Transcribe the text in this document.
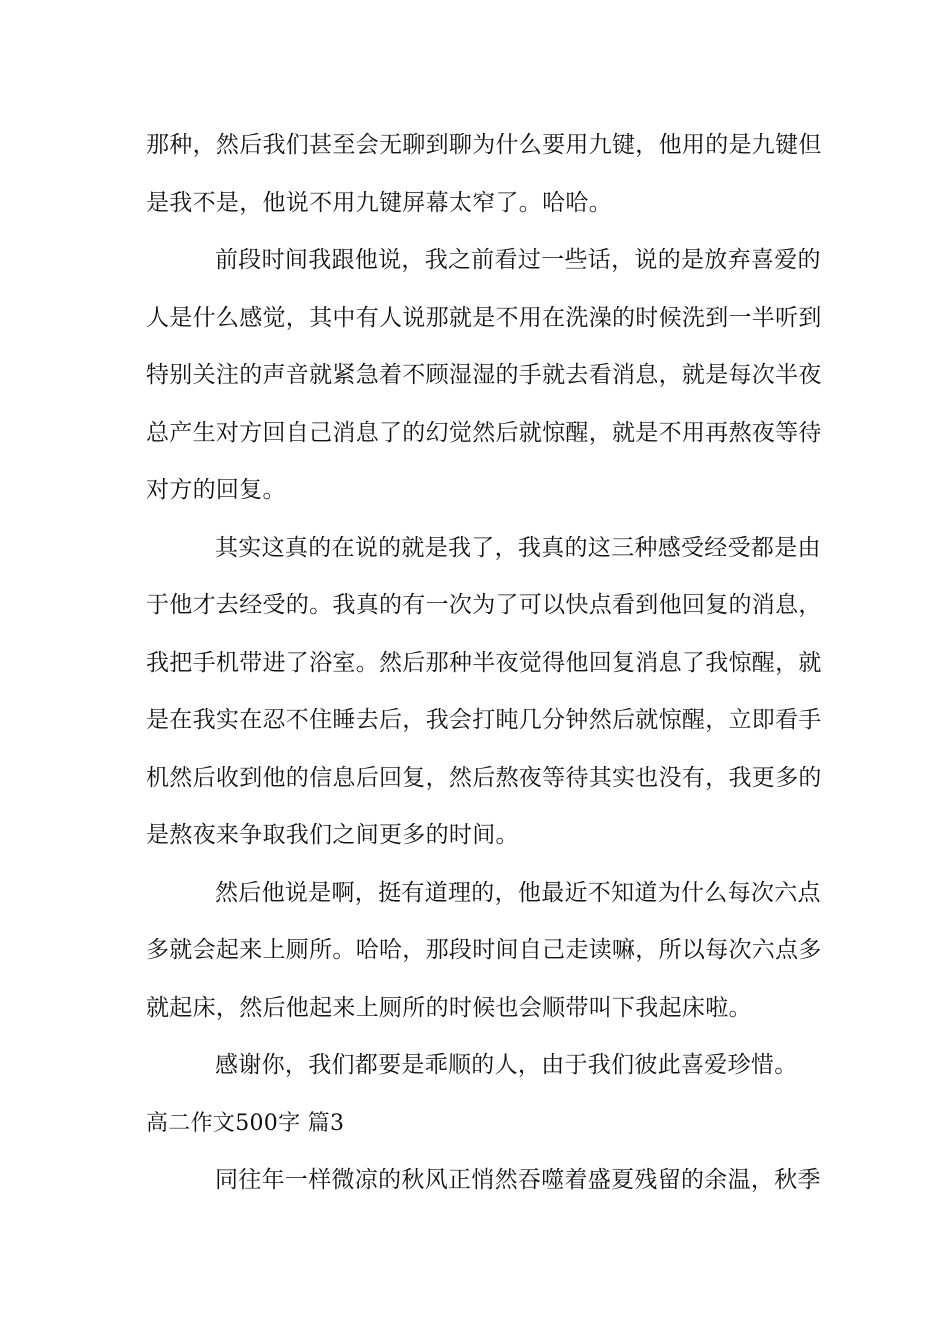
那种，然后我们甚至会无聊到聊为什么要用九键，他用的是九键但
是我不是，他说不用九键屏幕太窄了。哈哈。

前段时间我跟他说，我之前看过一些话，说的是放弃喜爱的
人是什么感觉，其中有人说那就是不用在洗澡的时候洗到一半听到
特别关注的声音就紧急着不顾湿湿的手就去看消息，就是每次半夜
总产生对方回自己消息了的幻觉然后就惊醒，就是不用再熬夜等待
对方的回复。

其实这真的在说的就是我了，我真的这三种感受经受都是由
于他才去经受的。我真的有一次为了可以快点看到他回复的消息，
我把手机带进了浴室。然后那种半夜觉得他回复消息了我惊醒，就
是在我实在忍不住睡去后，我会打盹几分钟然后就惊醒，立即看手
机然后收到他的信息后回复，然后熬夜等待其实也没有，我更多的
是熬夜来争取我们之间更多的时间。

然后他说是啊，挺有道理的，他最近不知道为什么每次六点
多就会起来上厕所。哈哈，那段时间自己走读嘛，所以每次六点多
就起床，然后他起来上厕所的时候也会顺带叫下我起床啦。

感谢你，我们都要是乖顺的人，由于我们彼此喜爱珍惜。

高二作文500字 篇3

同往年一样微凉的秋风正悄然吞噬着盛夏残留的余温，秋季
